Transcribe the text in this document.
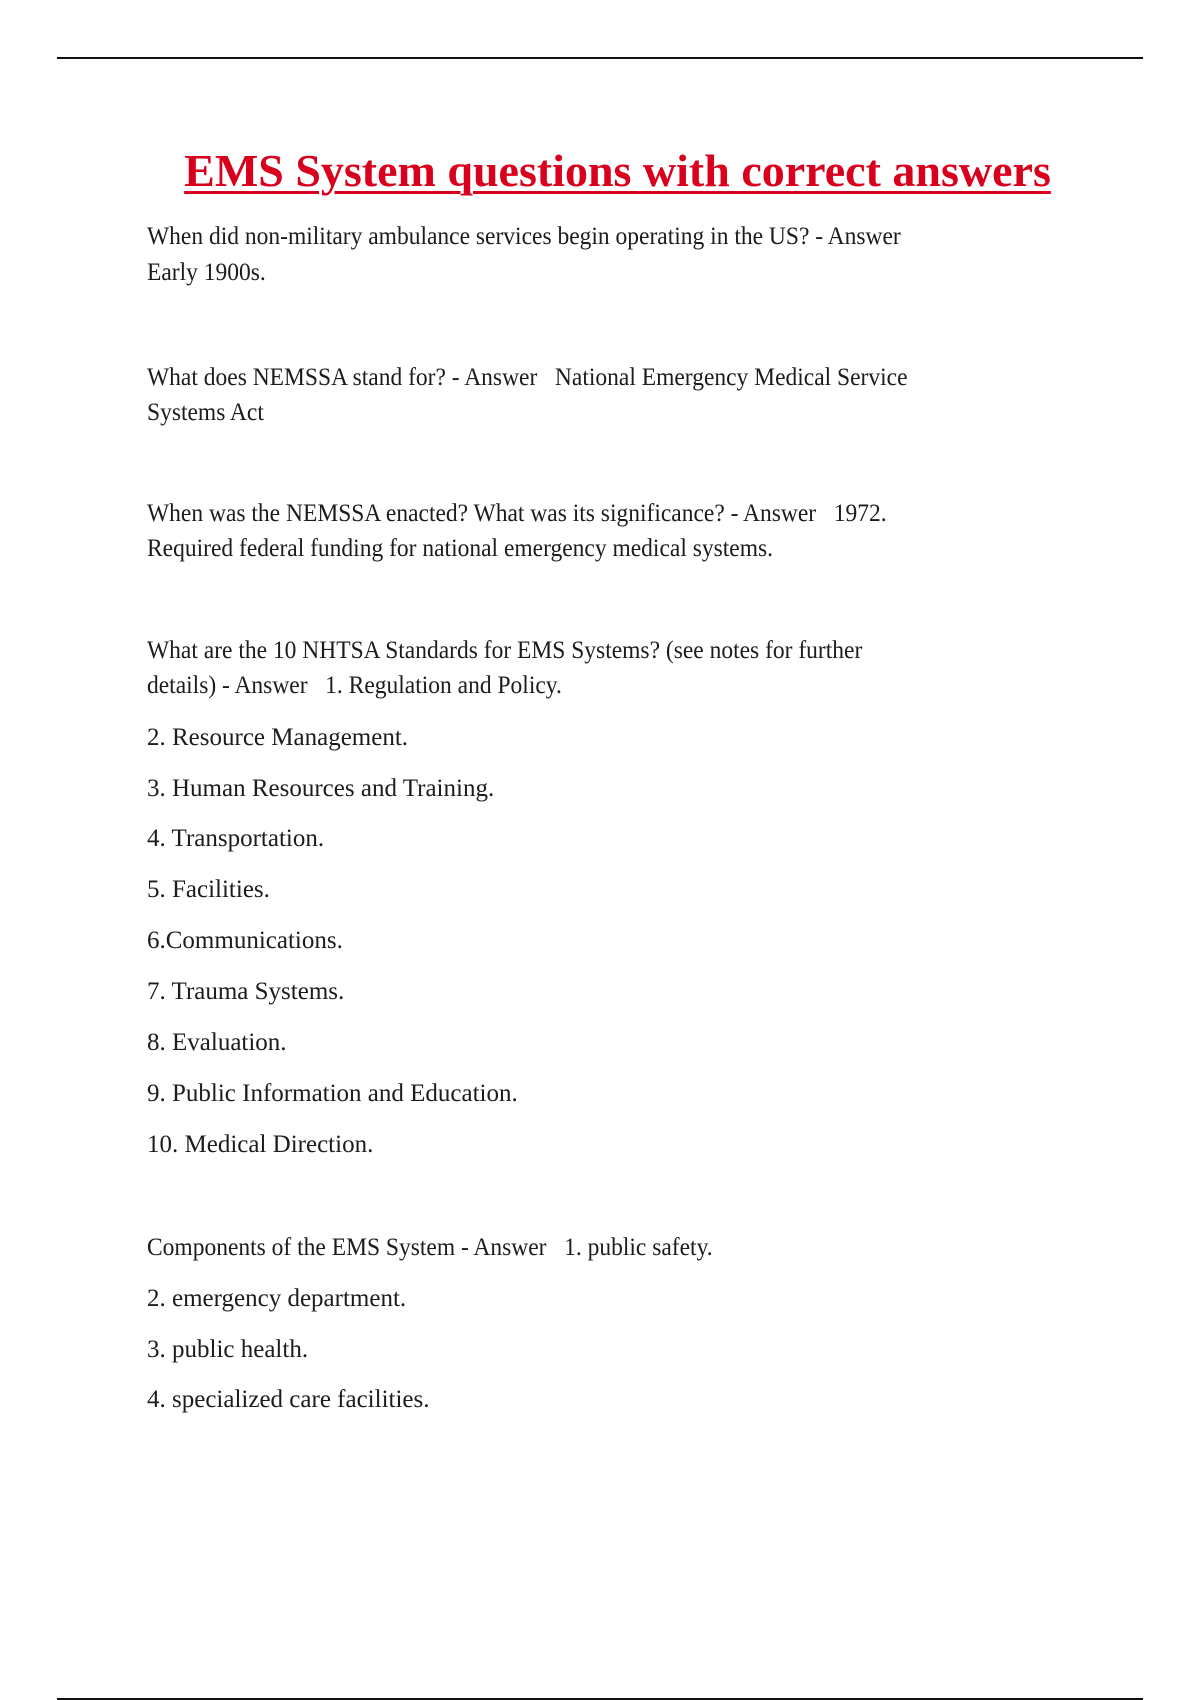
EMS System questions with correct answers
When did non-military ambulance services begin operating in the US? - Answer
Early 1900s.
What does NEMSSA stand for? - Answer   National Emergency Medical Service
Systems Act
When was the NEMSSA enacted? What was its significance? - Answer   1972.
Required federal funding for national emergency medical systems.
What are the 10 NHTSA Standards for EMS Systems? (see notes for further
details) - Answer   1. Regulation and Policy.
2. Resource Management.
3. Human Resources and Training.
4. Transportation.
5. Facilities.
6.Communications.
7. Trauma Systems.
8. Evaluation.
9. Public Information and Education.
10. Medical Direction.
Components of the EMS System - Answer   1. public safety.
2. emergency department.
3. public health.
4. specialized care facilities.
